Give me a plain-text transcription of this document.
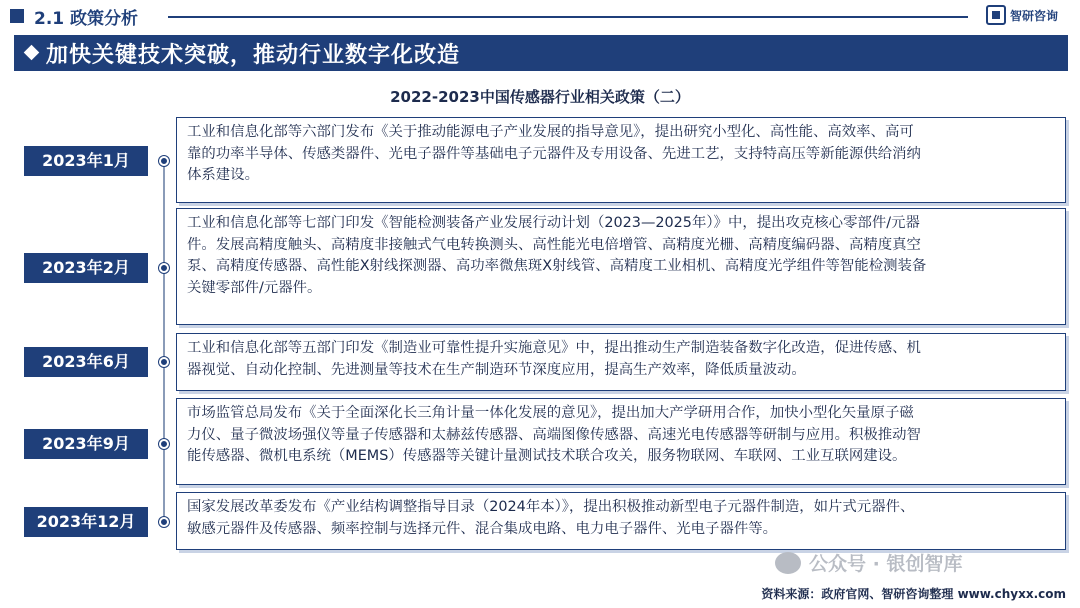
2.1 政策分析	智研咨询
加快关键技术突破，推动行业数字化改造
2022-2023中国传感器行业相关政策（二）
2023年1月
工业和信息化部等六部门发布《关于推动能源电子产业发展的指导意见》，提出研究小型化、高性能、高效率、高可
靠的功率半导体、传感类器件、光电子器件等基础电子元器件及专用设备、先进工艺，支持特高压等新能源供给消纳
体系建设。
2023年2月
工业和信息化部等七部门印发《智能检测装备产业发展行动计划（2023—2025年）》中，提出攻克核心零部件/元器
件。发展高精度触头、高精度非接触式气电转换测头、高性能光电倍增管、高精度光栅、高精度编码器、高精度真空
泵、高精度传感器、高性能X射线探测器、高功率微焦斑X射线管、高精度工业相机、高精度光学组件等智能检测装备
关键零部件/元器件。
2023年6月
工业和信息化部等五部门印发《制造业可靠性提升实施意见》中，提出推动生产制造装备数字化改造，促进传感、机
器视觉、自动化控制、先进测量等技术在生产制造环节深度应用，提高生产效率，降低质量波动。
2023年9月
市场监管总局发布《关于全面深化长三角计量一体化发展的意见》，提出加大产学研用合作，加快小型化矢量原子磁
力仪、量子微波场强仪等量子传感器和太赫兹传感器、高端图像传感器、高速光电传感器等研制与应用。积极推动智
能传感器、微机电系统（MEMS）传感器等关键计量测试技术联合攻关，服务物联网、车联网、工业互联网建设。
2023年12月
国家发展改革委发布《产业结构调整指导目录（2024年本）》，提出积极推动新型电子元器件制造，如片式元器件、
敏感元器件及传感器、频率控制与选择元件、混合集成电路、电力电子器件、光电子器件等。
公众号 · 银创智库
资料来源：政府官网、智研咨询整理 www.chyxx.com
